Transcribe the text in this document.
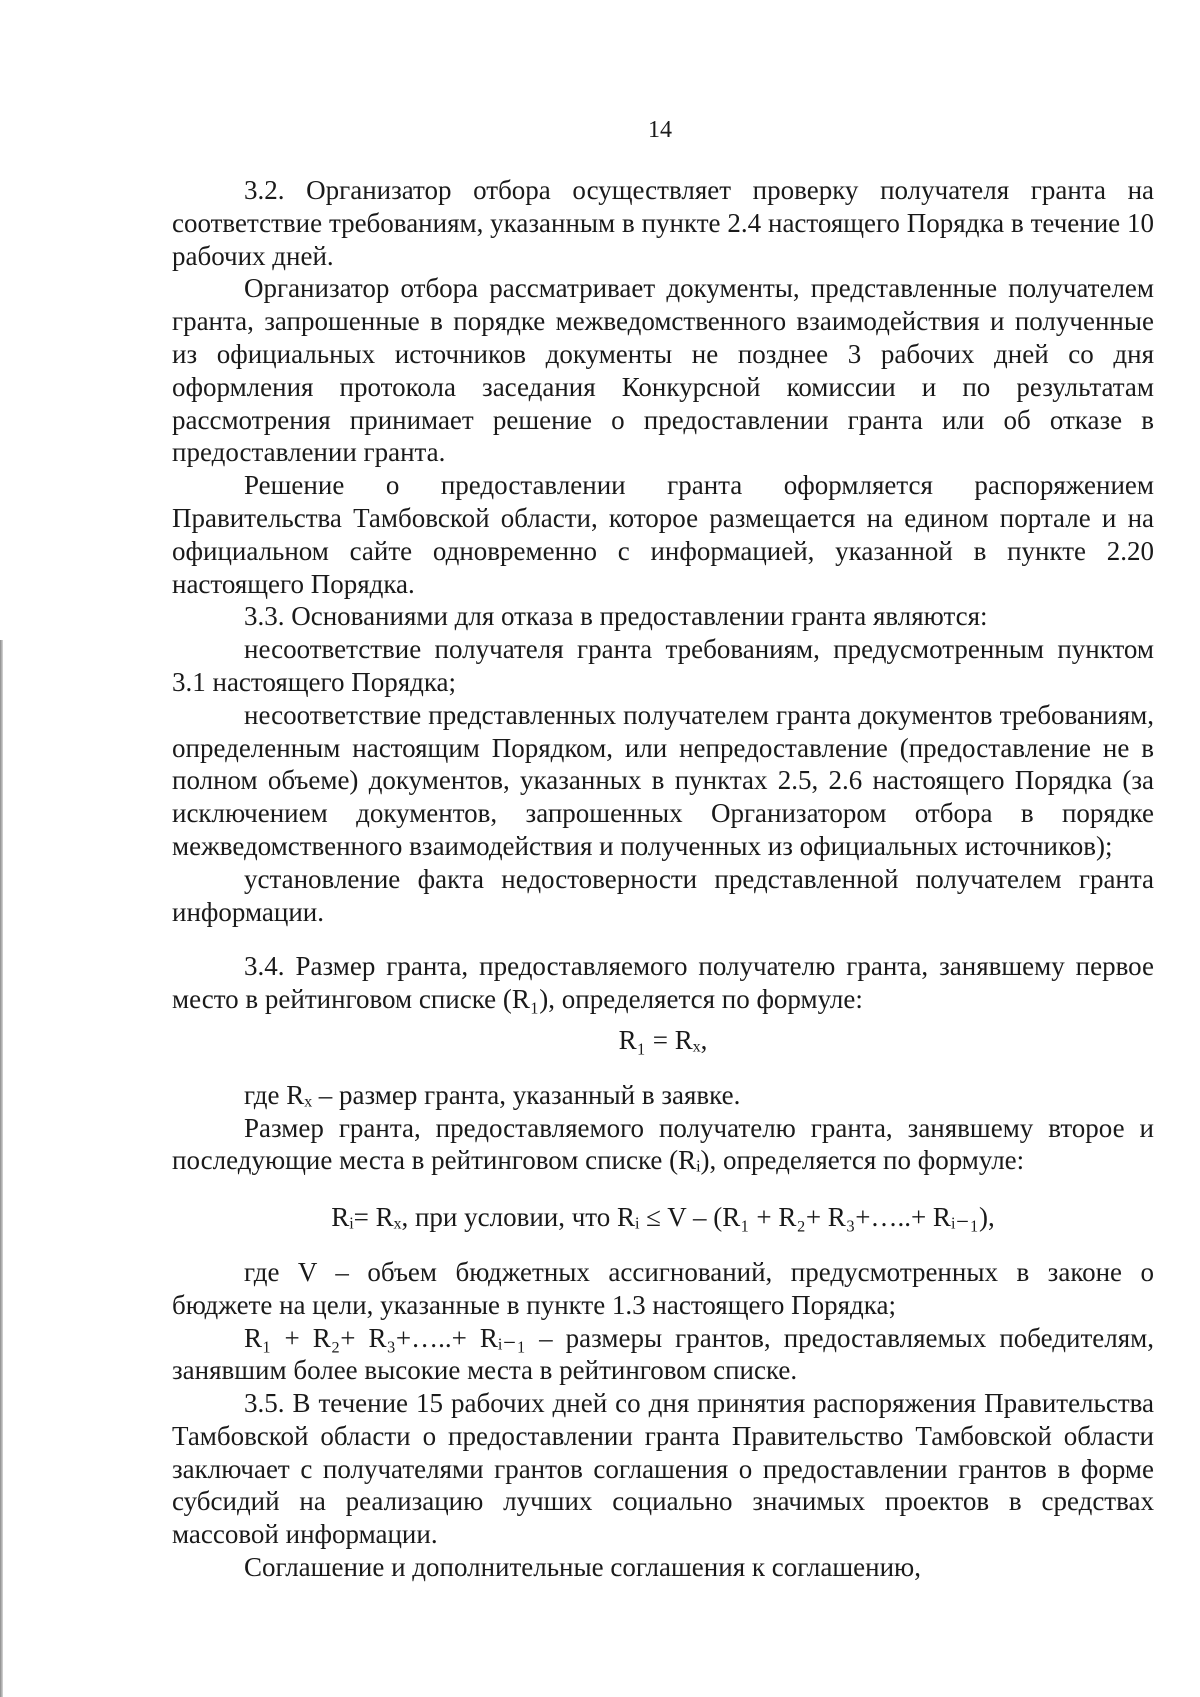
14

3.2. Организатор отбора осуществляет проверку получателя гранта на соответствие требованиям, указанным в пункте 2.4 настоящего Порядка в течение 10 рабочих дней.

Организатор отбора рассматривает документы, представленные получателем гранта, запрошенные в порядке межведомственного взаимодействия и полученные из официальных источников документы не позднее 3 рабочих дней со дня оформления протокола заседания Конкурсной комиссии и по результатам рассмотрения принимает решение о предоставлении гранта или об отказе в предоставлении гранта.

Решение о предоставлении гранта оформляется распоряжением Правительства Тамбовской области, которое размещается на едином портале и на официальном сайте одновременно с информацией, указанной в пункте 2.20 настоящего Порядка.

3.3. Основаниями для отказа в предоставлении гранта являются:

несоответствие получателя гранта требованиям, предусмотренным пунктом 3.1 настоящего Порядка;

несоответствие представленных получателем гранта документов требованиям, определенным настоящим Порядком, или непредоставление (предоставление не в полном объеме) документов, указанных в пунктах 2.5, 2.6 настоящего Порядка (за исключением документов, запрошенных Организатором отбора в порядке межведомственного взаимодействия и полученных из официальных источников);

установление факта недостоверности представленной получателем гранта информации.

3.4. Размер гранта, предоставляемого получателю гранта, занявшему первое место в рейтинговом списке (R₁), определяется по формуле:

R₁ = Rₓ,

где Rₓ – размер гранта, указанный в заявке.

Размер гранта, предоставляемого получателю гранта, занявшему второе и последующие места в рейтинговом списке (Rᵢ), определяется по формуле:

Rᵢ= Rₓ, при условии, что Rᵢ ≤ V – (R₁ + R₂+ R₃+…..+ Rᵢ₋₁),

где V – объем бюджетных ассигнований, предусмотренных в законе о бюджете на цели, указанные в пункте 1.3 настоящего Порядка;

R₁ + R₂+ R₃+…..+ Rᵢ₋₁ – размеры грантов, предоставляемых победителям, занявшим более высокие места в рейтинговом списке.

3.5. В течение 15 рабочих дней со дня принятия распоряжения Правительства Тамбовской области о предоставлении гранта Правительство Тамбовской области заключает с получателями грантов соглашения о предоставлении грантов в форме субсидий на реализацию лучших социально значимых проектов в средствах массовой информации.

Соглашение и дополнительные соглашения к соглашению,
